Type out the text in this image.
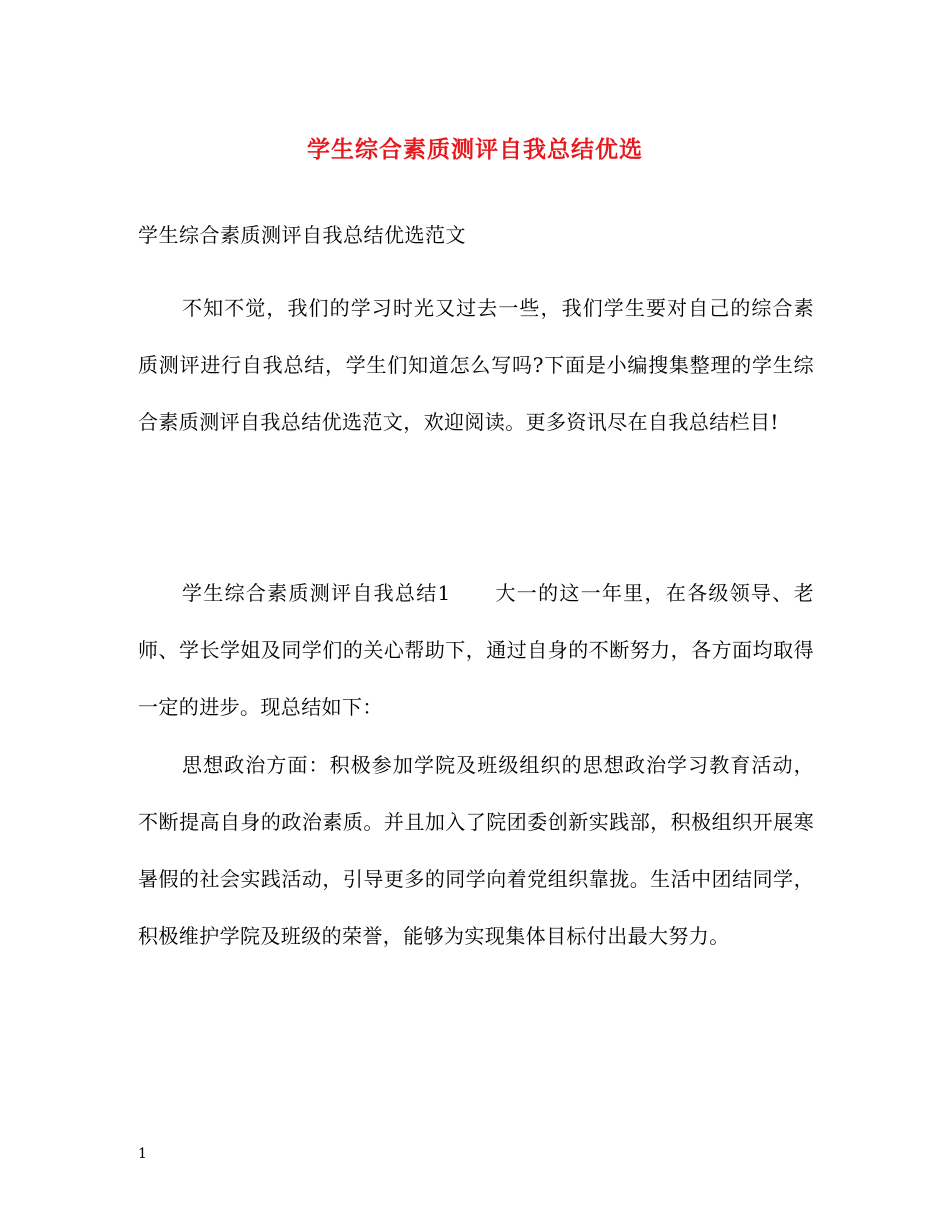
学生综合素质测评自我总结优选

学生综合素质测评自我总结优选范文

不知不觉，我们的学习时光又过去一些，我们学生要对自己的综合素质测评进行自我总结，学生们知道怎么写吗?下面是小编搜集整理的学生综合素质测评自我总结优选范文，欢迎阅读。更多资讯尽在自我总结栏目!

学生综合素质测评自我总结1 大一的这一年里，在各级领导、老师、学长学姐及同学们的关心帮助下，通过自身的不断努力，各方面均取得一定的进步。现总结如下：

思想政治方面：积极参加学院及班级组织的思想政治学习教育活动，不断提高自身的政治素质。并且加入了院团委创新实践部，积极组织开展寒暑假的社会实践活动，引导更多的同学向着党组织靠拢。生活中团结同学，积极维护学院及班级的荣誉，能够为实现集体目标付出最大努力。

1
